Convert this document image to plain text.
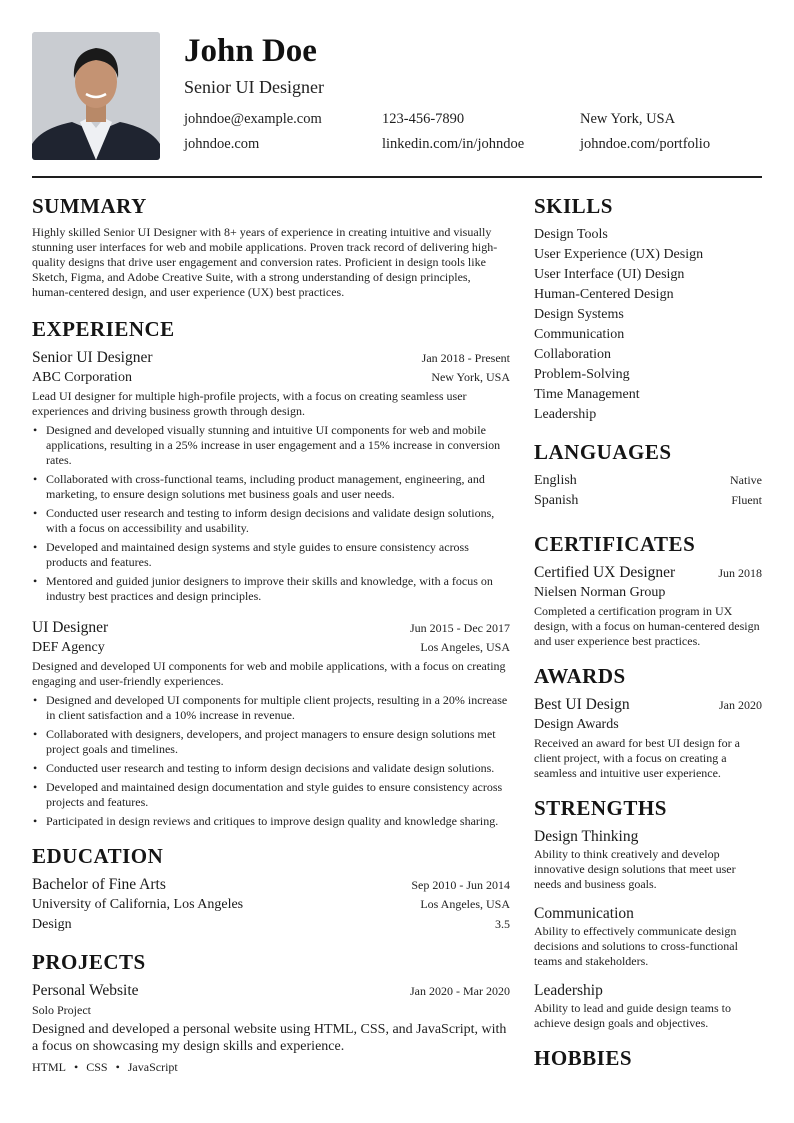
John Doe
Senior UI Designer
johndoe@example.com	123-456-7890	New York, USA
johndoe.com	linkedin.com/in/johndoe	johndoe.com/portfolio
SUMMARY
Highly skilled Senior UI Designer with 8+ years of experience in creating intuitive and visually stunning user interfaces for web and mobile applications. Proven track record of delivering high-quality designs that drive user engagement and conversion rates. Proficient in design tools like Sketch, Figma, and Adobe Creative Suite, with a strong understanding of design principles, human-centered design, and user experience (UX) best practices.
EXPERIENCE
Senior UI Designer	Jan 2018 - Present
ABC Corporation	New York, USA
Lead UI designer for multiple high-profile projects, with a focus on creating seamless user experiences and driving business growth through design.
• Designed and developed visually stunning and intuitive UI components for web and mobile applications, resulting in a 25% increase in user engagement and a 15% increase in conversion rates.
• Collaborated with cross-functional teams, including product management, engineering, and marketing, to ensure design solutions met business goals and user needs.
• Conducted user research and testing to inform design decisions and validate design solutions, with a focus on accessibility and usability.
• Developed and maintained design systems and style guides to ensure consistency across products and features.
• Mentored and guided junior designers to improve their skills and knowledge, with a focus on industry best practices and design principles.
UI Designer	Jun 2015 - Dec 2017
DEF Agency	Los Angeles, USA
Designed and developed UI components for web and mobile applications, with a focus on creating engaging and user-friendly experiences.
• Designed and developed UI components for multiple client projects, resulting in a 20% increase in client satisfaction and a 10% increase in revenue.
• Collaborated with designers, developers, and project managers to ensure design solutions met project goals and timelines.
• Conducted user research and testing to inform design decisions and validate design solutions.
• Developed and maintained design documentation and style guides to ensure consistency across projects and features.
• Participated in design reviews and critiques to improve design quality and knowledge sharing.
EDUCATION
Bachelor of Fine Arts	Sep 2010 - Jun 2014
University of California, Los Angeles	Los Angeles, USA
Design	3.5
PROJECTS
Personal Website	Jan 2020 - Mar 2020
Solo Project
Designed and developed a personal website using HTML, CSS, and JavaScript, with a focus on showcasing my design skills and experience.
HTML • CSS • JavaScript
SKILLS
Design Tools
User Experience (UX) Design
User Interface (UI) Design
Human-Centered Design
Design Systems
Communication
Collaboration
Problem-Solving
Time Management
Leadership
LANGUAGES
English	Native
Spanish	Fluent
CERTIFICATES
Certified UX Designer	Jun 2018
Nielsen Norman Group
Completed a certification program in UX design, with a focus on human-centered design and user experience best practices.
AWARDS
Best UI Design	Jan 2020
Design Awards
Received an award for best UI design for a client project, with a focus on creating a seamless and intuitive user experience.
STRENGTHS
Design Thinking
Ability to think creatively and develop innovative design solutions that meet user needs and business goals.
Communication
Ability to effectively communicate design decisions and solutions to cross-functional teams and stakeholders.
Leadership
Ability to lead and guide design teams to achieve design goals and objectives.
HOBBIES
